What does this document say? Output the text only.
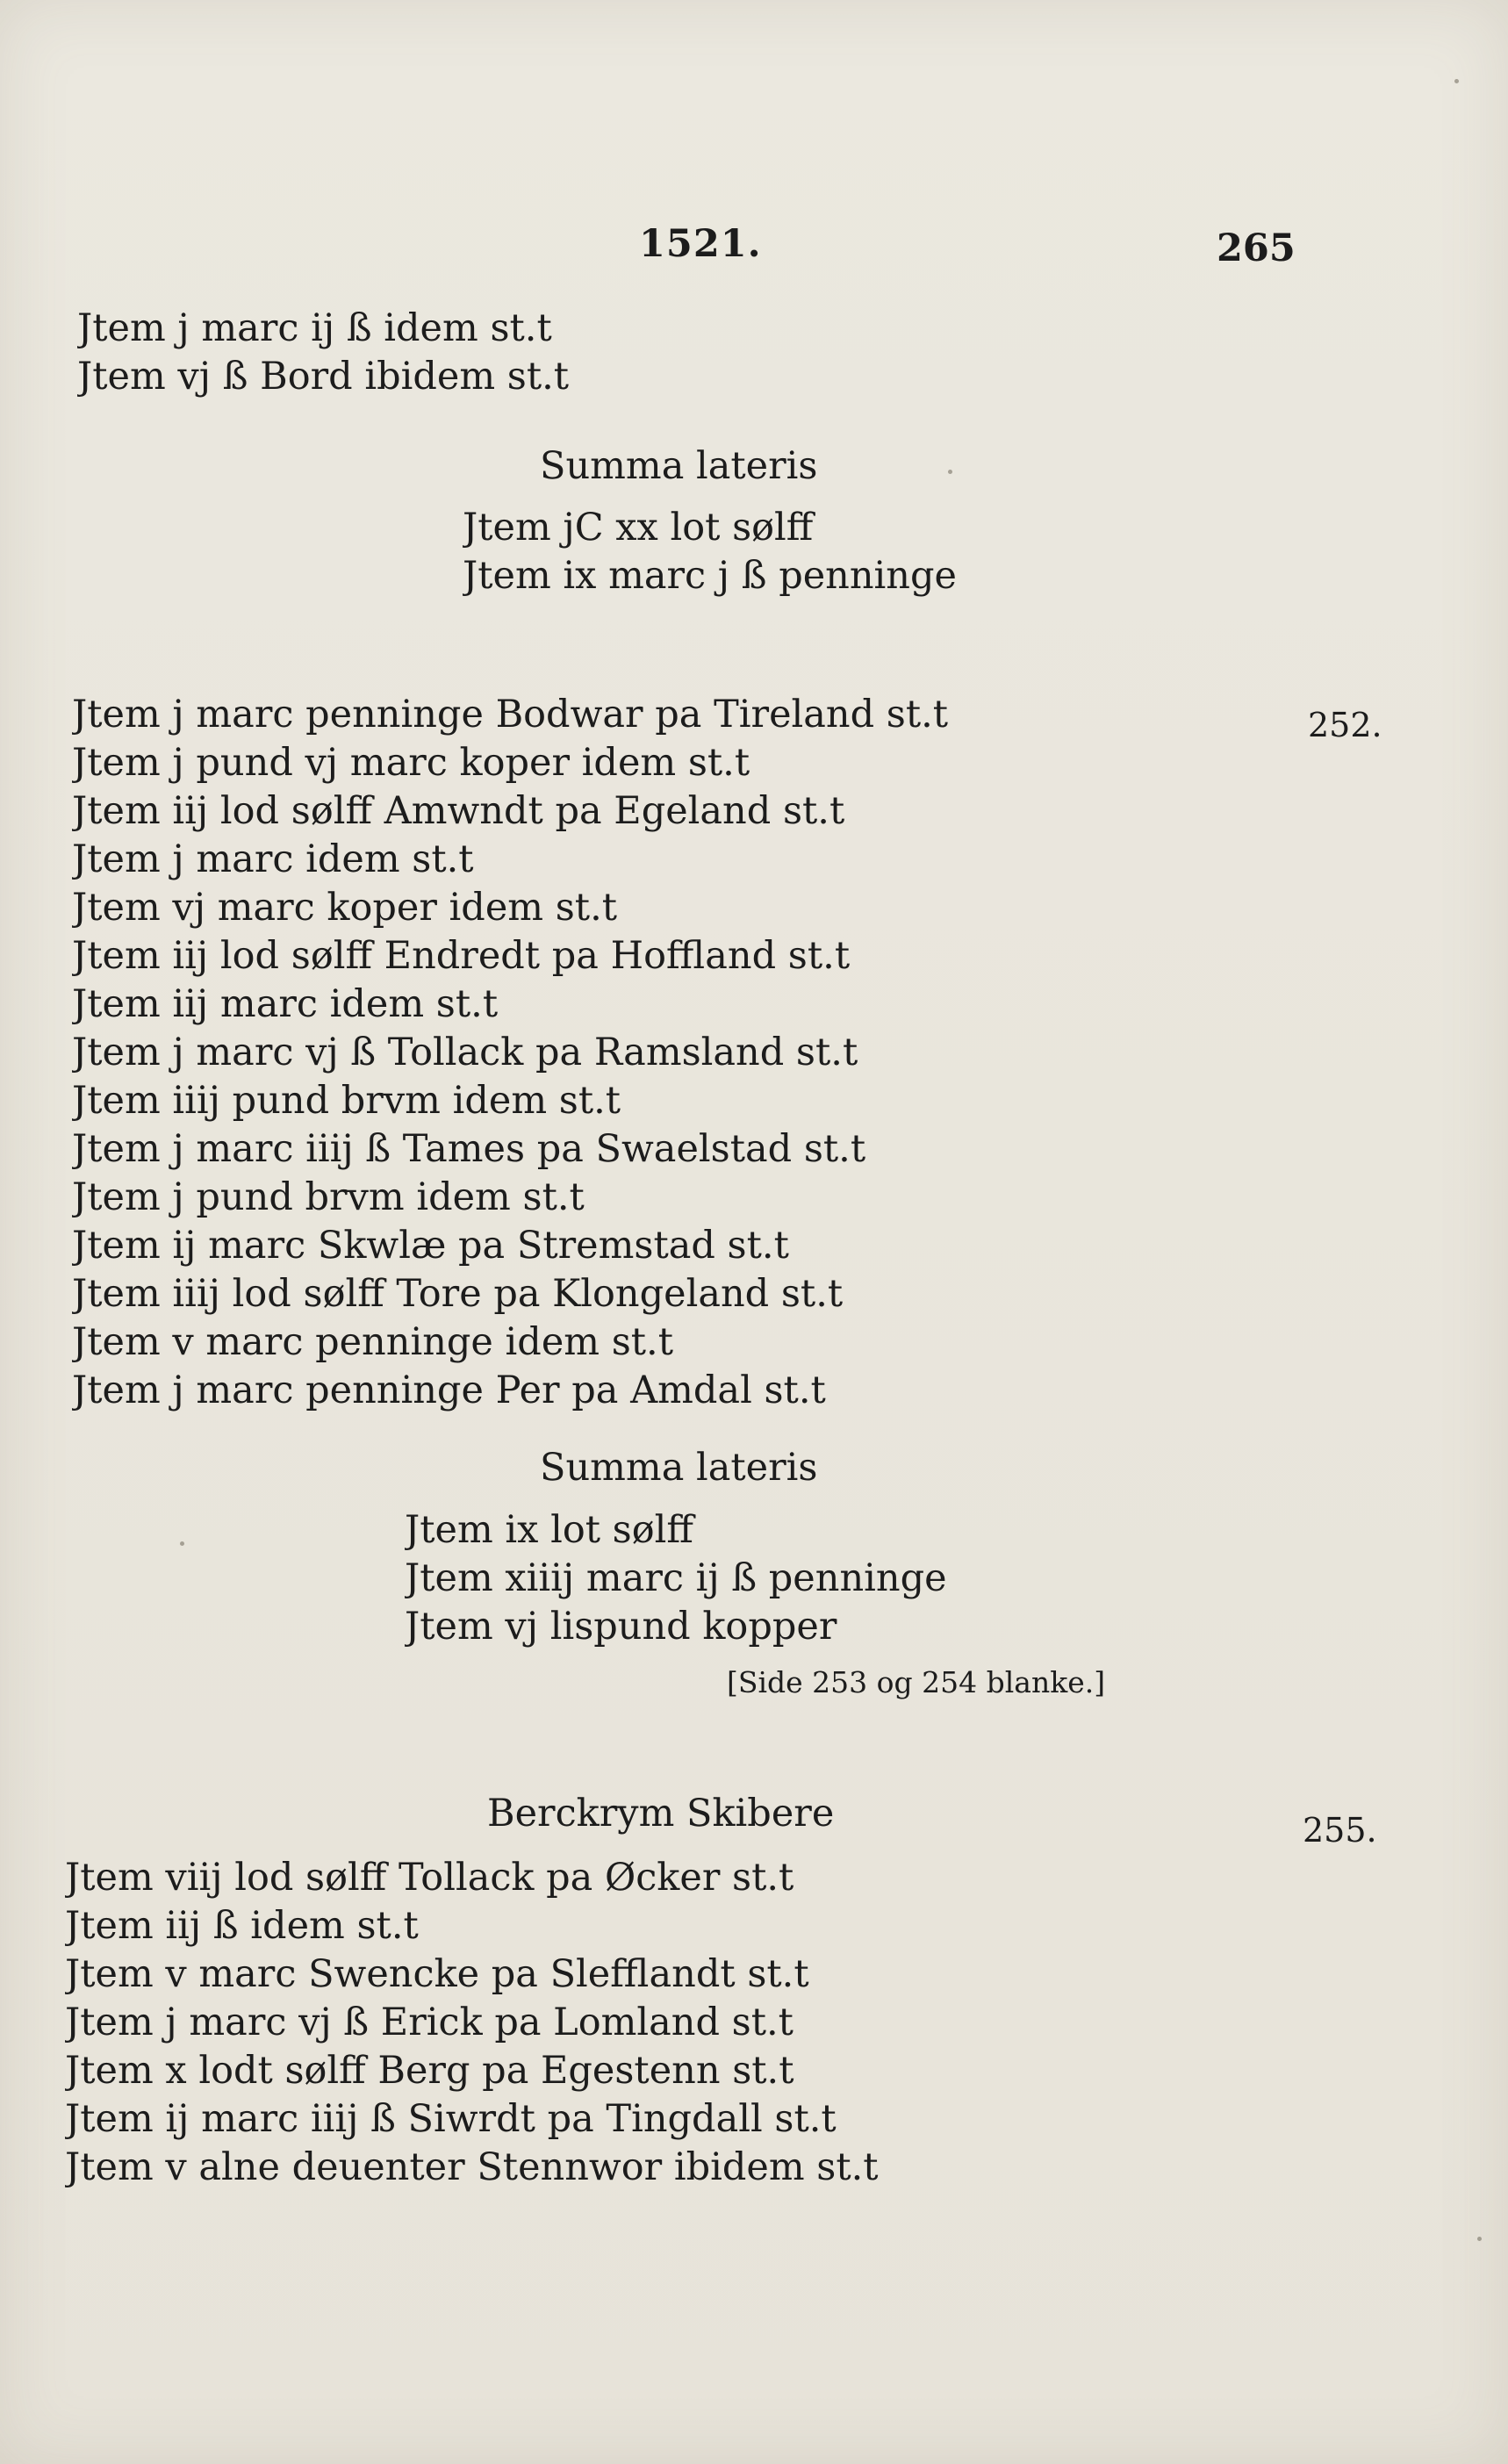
1521.	265
Jtem j marc ij ß idem st.t
Jtem vj ß Bord ibidem st.t
Summa lateris
Jtem jC xx lot sølff
Jtem ix marc j ß penninge
252.
Jtem j marc penninge Bodwar pa Tireland st.t
Jtem j pund vj marc koper idem st.t
Jtem iij lod sølff Amwndt pa Egeland st.t
Jtem j marc idem st.t
Jtem vj marc koper idem st.t
Jtem iij lod sølff Endredt pa Hoffland st.t
Jtem iij marc idem st.t
Jtem j marc vj ß Tollack pa Ramsland st.t
Jtem iiij pund brvm idem st.t
Jtem j marc iiij ß Tames pa Swaelstad st.t
Jtem j pund brvm idem st.t
Jtem ij marc Skwlæ pa Stremstad st.t
Jtem iiij lod sølff Tore pa Klongeland st.t
Jtem v marc penninge idem st.t
Jtem j marc penninge Per pa Amdal st.t
Summa lateris
Jtem ix lot sølff
Jtem xiiij marc ij ß penninge
Jtem vj lispund kopper
[Side 253 og 254 blanke.]
Berckrym Skibere	255.
Jtem viij lod sølff Tollack pa Øcker st.t
Jtem iij ß idem st.t
Jtem v marc Swencke pa Slefflandt st.t
Jtem j marc vj ß Erick pa Lomland st.t
Jtem x lodt sølff Berg pa Egestenn st.t
Jtem ij marc iiij ß Siwrdt pa Tingdall st.t
Jtem v alne deuenter Stennwor ibidem st.t
